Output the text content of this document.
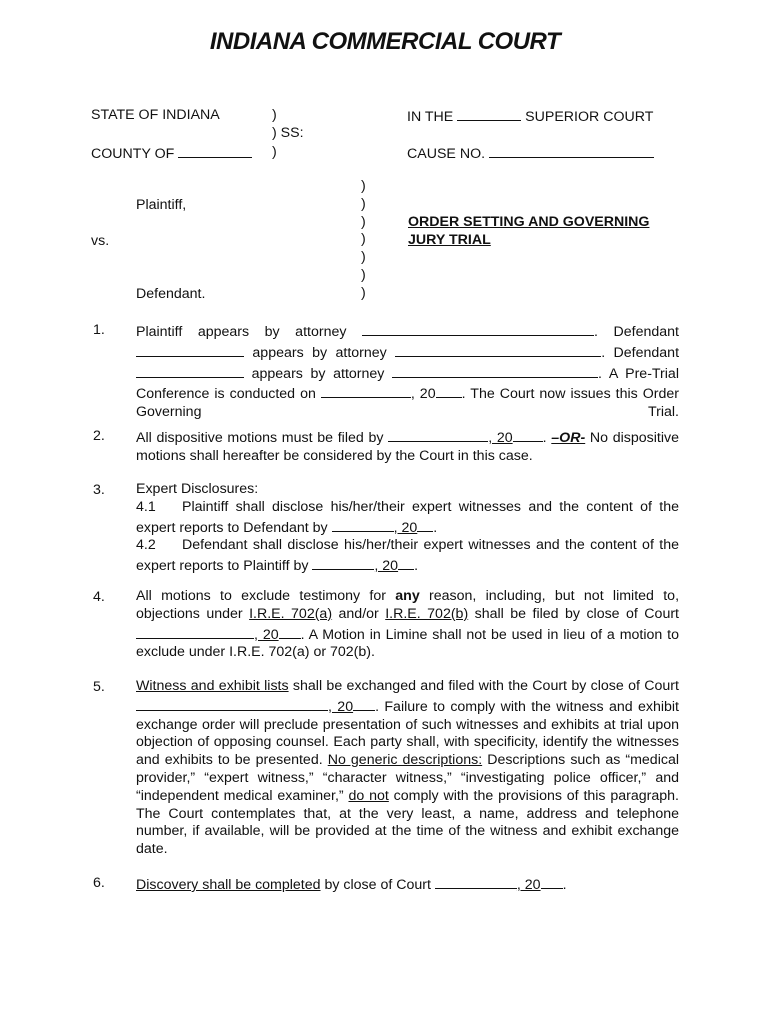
INDIANA COMMERCIAL COURT
STATE OF INDIANA	)
) SS:
COUNTY OF	)
IN THE	SUPERIOR COURT
CAUSE NO.
Plaintiff,
vs.
Defendant.
)
)
)
)
)
)
)
ORDER SETTING AND GOVERNING
JURY TRIAL
1. Plaintiff appears by attorney	. Defendant  appears by attorney	. Defendant  appears by attorney	. A Pre-Trial Conference is conducted on	, 20 . The Court now issues this Order Governing Trial.

2. All dispositive motions must be filed by	, 20 . –OR- No dispositive motions shall hereafter be considered by the Court in this case.

3. Expert Disclosures:

4.1 Plaintiff shall disclose his/her/their expert witnesses and the content of the expert reports to Defendant by	, 20 .

4.2 Defendant shall disclose his/her/their expert witnesses and the content of the expert reports to Plaintiff by	, 20 .

4. All motions to exclude testimony for any reason, including, but not limited to, objections under I.R.E. 702(a) and/or I.R.E. 702(b) shall be filed by close of Court , 20 . A Motion in Limine shall not be used in lieu of a motion to exclude under I.R.E. 702(a) or 702(b).

5. Witness and exhibit lists shall be exchanged and filed with the Court by close of Court , 20 . Failure to comply with the witness and exhibit exchange order will preclude presentation of such witnesses and exhibits at trial upon objection of opposing counsel. Each party shall, with specificity, identify the witnesses and exhibits to be presented. No generic descriptions: Descriptions such as “medical provider,” “expert witness,” “character witness,” “investigating police officer,” and “independent medical examiner,” do not comply with the provisions of this paragraph. The Court contemplates that, at the very least, a name, address and telephone number, if available, will be provided at the time of the witness and exhibit exchange date.

6. Discovery shall be completed by close of Court	, 20 .
